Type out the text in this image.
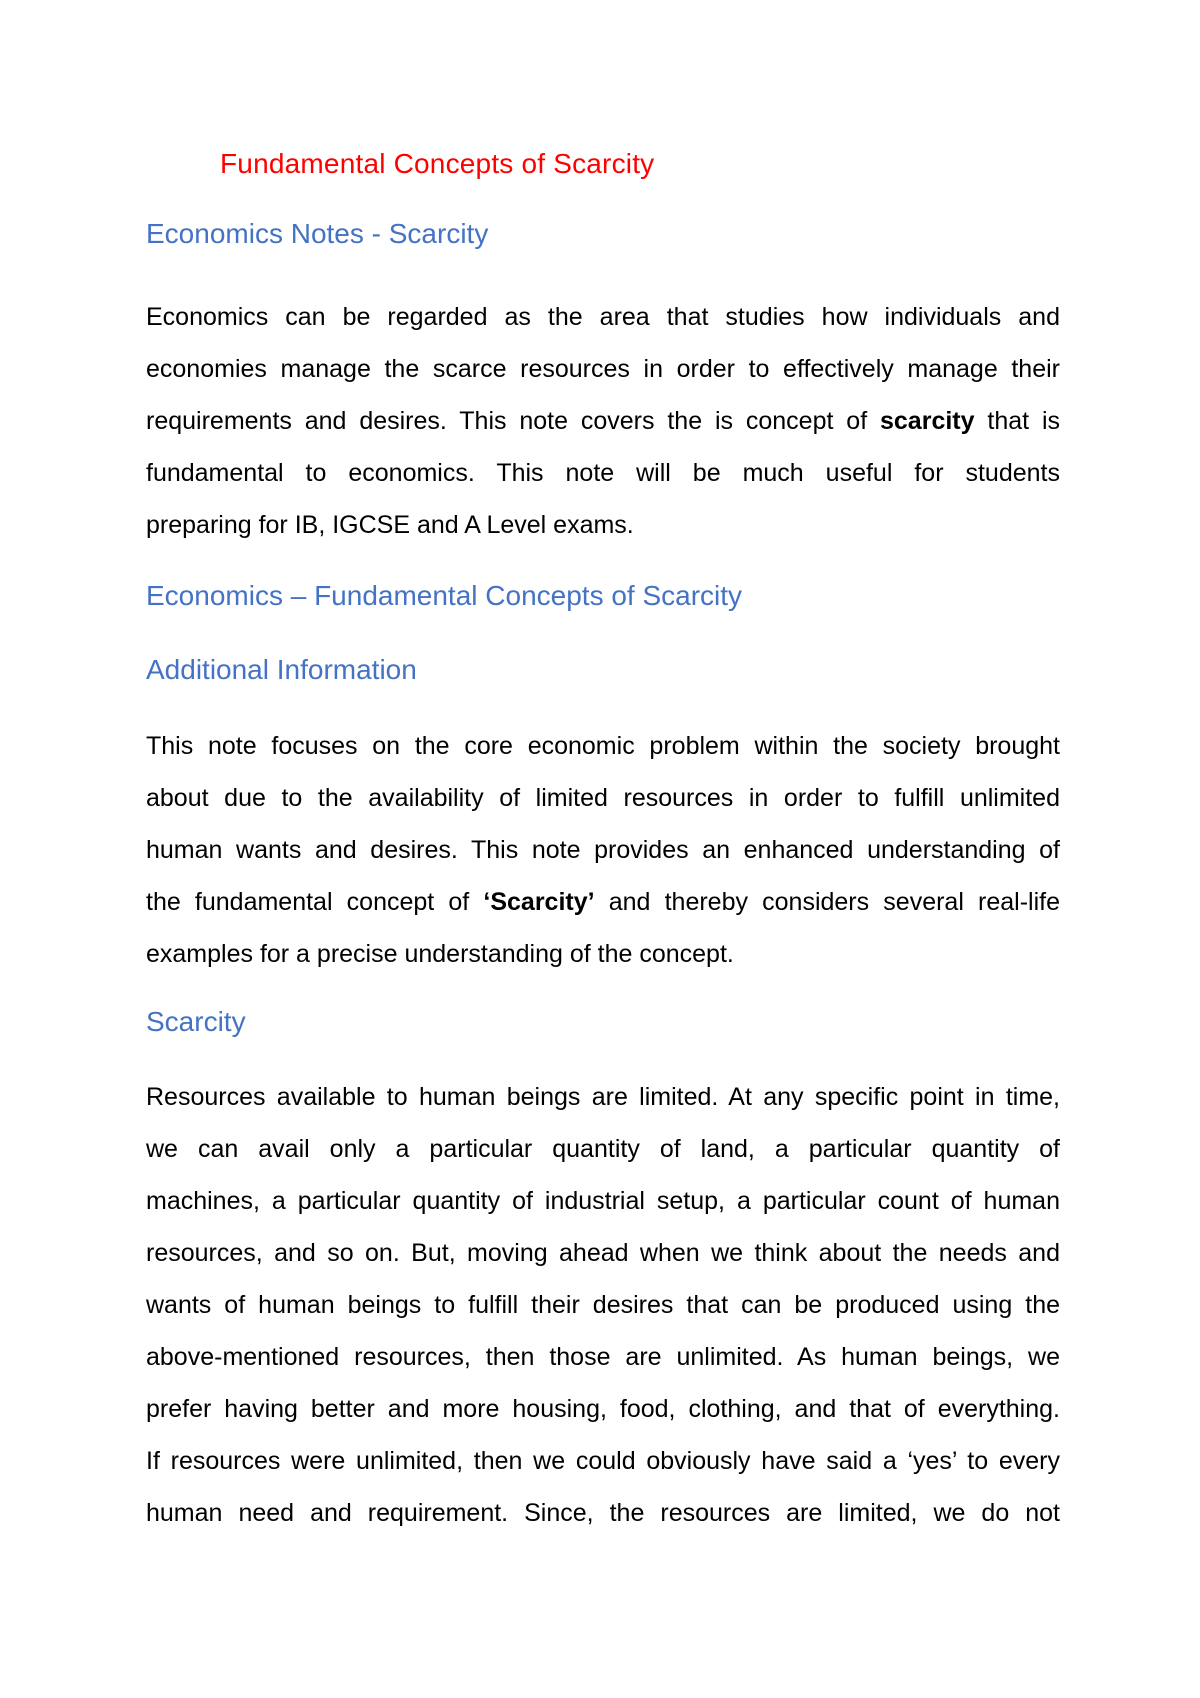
Fundamental Concepts of Scarcity
Economics Notes - Scarcity
Economics can be regarded as the area that studies how individuals and
economies manage the scarce resources in order to effectively manage their
requirements and desires. This note covers the is concept of scarcity that is
fundamental to economics. This note will be much useful for students
preparing for IB, IGCSE and A Level exams.
Economics – Fundamental Concepts of Scarcity
Additional Information
This note focuses on the core economic problem within the society brought
about due to the availability of limited resources in order to fulfill unlimited
human wants and desires. This note provides an enhanced understanding of
the fundamental concept of ‘Scarcity’ and thereby considers several real-life
examples for a precise understanding of the concept.
Scarcity
Resources available to human beings are limited. At any specific point in time,
we can avail only a particular quantity of land, a particular quantity of
machines, a particular quantity of industrial setup, a particular count of human
resources, and so on. But, moving ahead when we think about the needs and
wants of human beings to fulfill their desires that can be produced using the
above-mentioned resources, then those are unlimited. As human beings, we
prefer having better and more housing, food, clothing, and that of everything.
If resources were unlimited, then we could obviously have said a ‘yes’ to every
human need and requirement. Since, the resources are limited, we do not
